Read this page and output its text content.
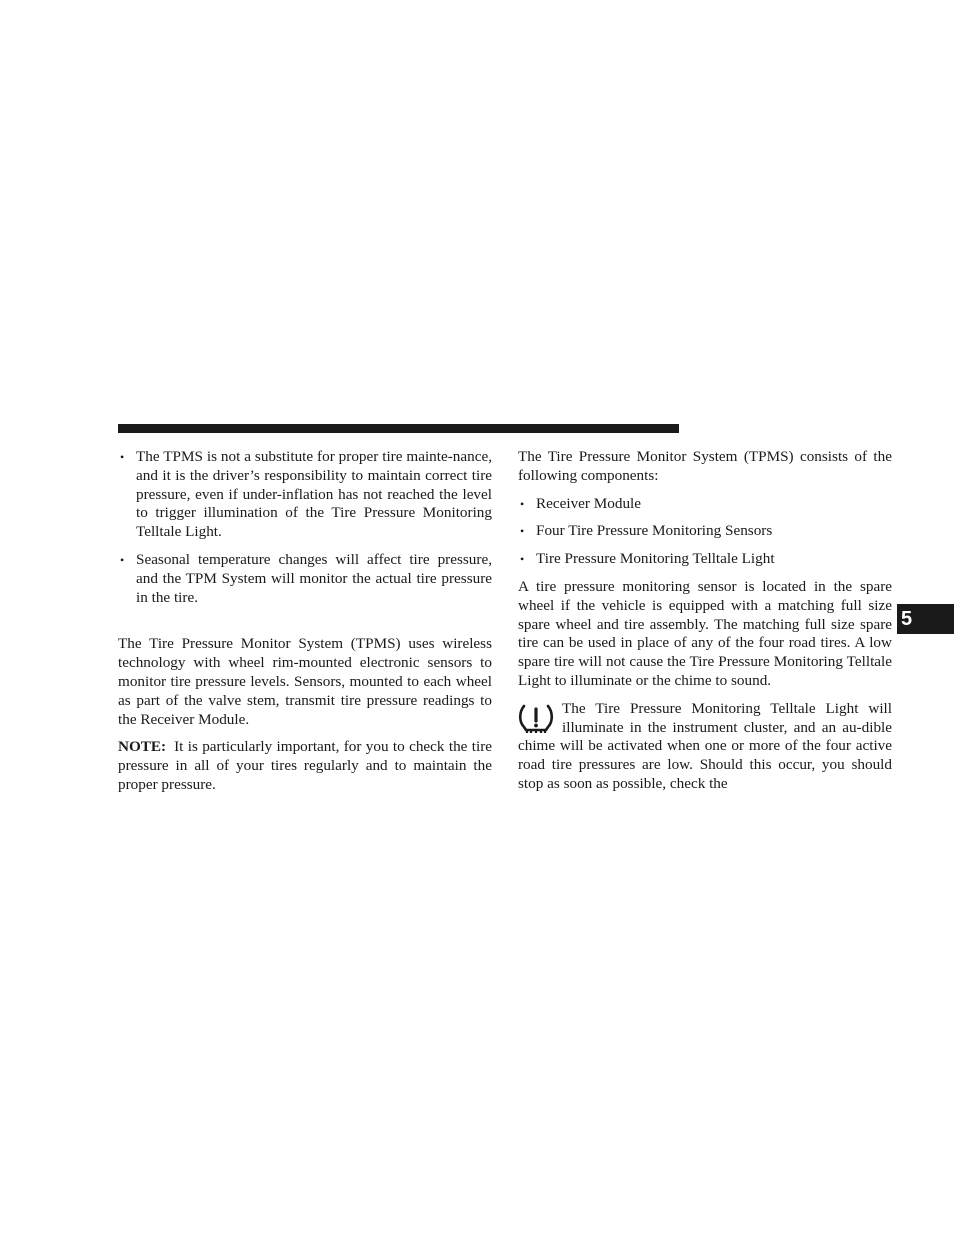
• The TPMS is not a substitute for proper tire mainte-nance, and it is the driver’s responsibility to maintain correct tire pressure, even if under-inflation has not reached the level to trigger illumination of the Tire Pressure Monitoring Telltale Light.
• Seasonal temperature changes will affect tire pressure, and the TPM System will monitor the actual tire pressure in the tire.

The Tire Pressure Monitor System (TPMS) uses wireless technology with wheel rim-mounted electronic sensors to monitor tire pressure levels. Sensors, mounted to each wheel as part of the valve stem, transmit tire pressure readings to the Receiver Module.

NOTE: It is particularly important, for you to check the tire pressure in all of your tires regularly and to maintain the proper pressure.

The Tire Pressure Monitor System (TPMS) consists of the following components:

• Receiver Module
• Four Tire Pressure Monitoring Sensors
• Tire Pressure Monitoring Telltale Light

A tire pressure monitoring sensor is located in the spare wheel if the vehicle is equipped with a matching full size spare wheel and tire assembly. The matching full size spare tire can be used in place of any of the four road tires. A low spare tire will not cause the Tire Pressure Monitoring Telltale Light to illuminate or the chime to sound.

The Tire Pressure Monitoring Telltale Light will illuminate in the instrument cluster, and an au-dible chime will be activated when one or more of the four active road tire pressures are low. Should this occur, you should stop as soon as possible, check the

5
